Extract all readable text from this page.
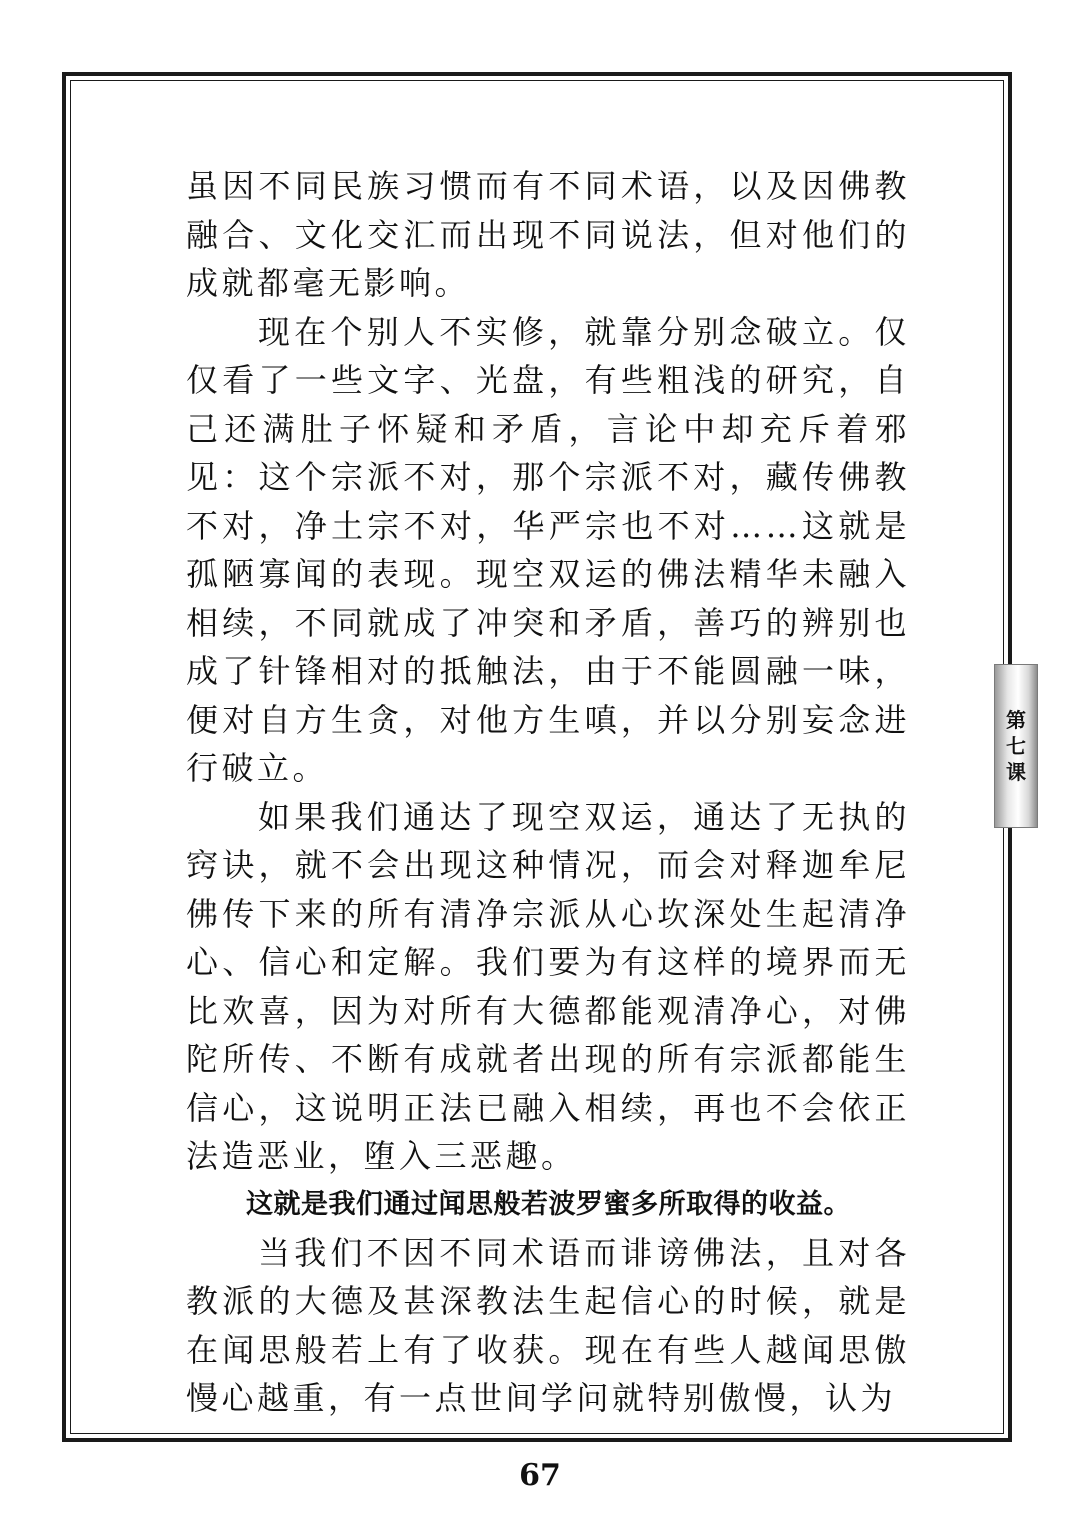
虽因不同民族习惯而有不同术语，以及因佛教融合、文化交汇而出现不同说法，但对他们的成就都毫无影响。

现在个别人不实修，就靠分别念破立。仅仅看了一些文字、光盘，有些粗浅的研究，自己还满肚子怀疑和矛盾，言论中却充斥着邪见：这个宗派不对，那个宗派不对，藏传佛教不对，净土宗不对，华严宗也不对……这就是孤陋寡闻的表现。现空双运的佛法精华未融入相续，不同就成了冲突和矛盾，善巧的辨别也成了针锋相对的抵触法，由于不能圆融一味，便对自方生贪，对他方生嗔，并以分别妄念进行破立。

如果我们通达了现空双运，通达了无执的窍诀，就不会出现这种情况，而会对释迦牟尼佛传下来的所有清净宗派从心坎深处生起清净心、信心和定解。我们要为有这样的境界而无比欢喜，因为对所有大德都能观清净心，对佛陀所传、不断有成就者出现的所有宗派都能生信心，这说明正法已融入相续，再也不会依正法造恶业，堕入三恶趣。

这就是我们通过闻思般若波罗蜜多所取得的收益。

当我们不因不同术语而诽谤佛法，且对各教派的大德及甚深教法生起信心的时候，就是在闻思般若上有了收获。现在有些人越闻思傲慢心越重，有一点世间学问就特别傲慢，认为

第七课
67
